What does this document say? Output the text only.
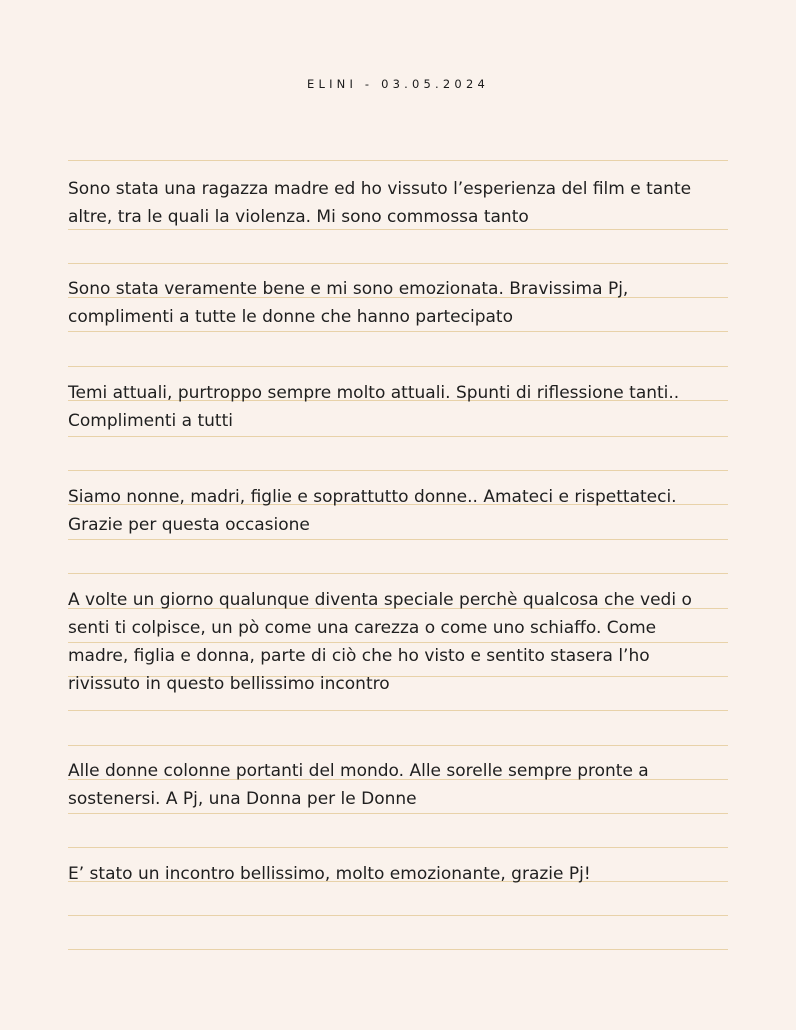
ELINI - 03.05.2024
Sono stata una ragazza madre ed ho vissuto l’esperienza del film e tante
altre, tra le quali la violenza. Mi sono commossa tanto
Sono stata veramente bene e mi sono emozionata. Bravissima Pj,
complimenti a tutte le donne che hanno partecipato
Temi attuali, purtroppo sempre molto attuali. Spunti di riflessione tanti..
Complimenti a tutti
Siamo nonne, madri, figlie e soprattutto donne.. Amateci e rispettateci.
Grazie per questa occasione
A volte un giorno qualunque diventa speciale perchè qualcosa che vedi o
senti ti colpisce, un pò come una carezza o come uno schiaffo. Come
madre, figlia e donna, parte di ciò che ho visto e sentito stasera l’ho
rivissuto in questo bellissimo incontro
Alle donne colonne portanti del mondo. Alle sorelle sempre pronte a
sostenersi. A Pj, una Donna per le Donne
E’ stato un incontro bellissimo, molto emozionante, grazie Pj!
